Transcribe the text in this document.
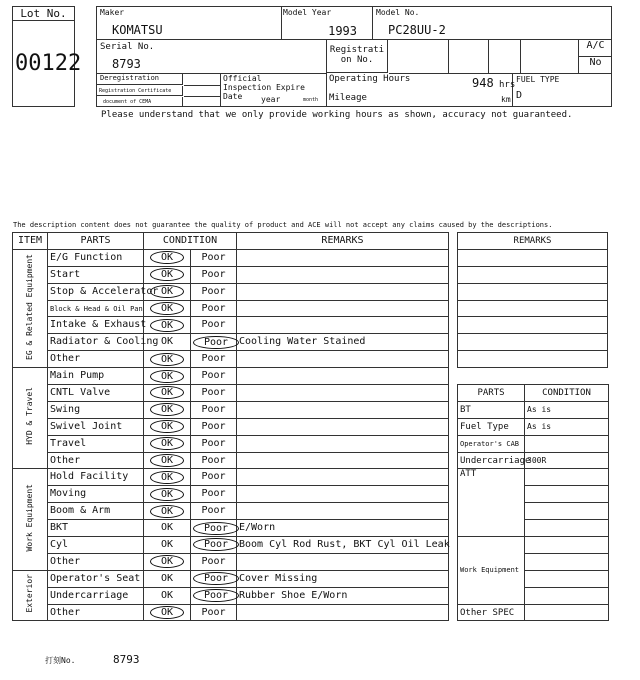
Lot No.
00122
Maker
KOMATSU
Model Year
1993
Model No.
PC28UU-2
Serial No.
8793
Registrati on No.
A/C
No
Deregistration
Registration Certificate
document of CEMA
Official Inspection Expire Date	year	month
Operating Hours	948 hrs
Mileage	km
FUEL TYPE
D
Please understand that we only provide working hours as shown, accuracy not guaranteed.
The description content does not guarantee the quality of product and ACE will not accept any claims caused by the descriptions.
ITEM	PARTS	CONDITION		REMARKS
EG & Related Equipment	E/G Function	OK	Poor	
	Start	OK	Poor	
	Stop & Accelerator	OK	Poor	
	Block & Head & Oil Pan	OK	Poor	
	Intake & Exhaust	OK	Poor	
	Radiator & Cooling	OK	Poor	Cooling Water Stained
	Other	OK	Poor	
HYD & Travel	Main Pump	OK	Poor	
	CNTL Valve	OK	Poor	
	Swing	OK	Poor	
	Swivel Joint	OK	Poor	
	Travel	OK	Poor	
	Other	OK	Poor	
Work Equipment	Hold Facility	OK	Poor	
	Moving	OK	Poor	
	Boom & Arm	OK	Poor	
	BKT	OK	Poor	E/Worn
	Cyl	OK	Poor	Boom Cyl Rod Rust, BKT Cyl Oil Leak
	Other	OK	Poor	
Exterior	Operator's Seat	OK	Poor	Cover Missing
	Undercarriage	OK	Poor	Rubber Shoe E/Worn
	Other	OK	Poor	
REMARKS

PARTS	CONDITION
BT	As is
Fuel Type	As is
Operator's CAB	
Undercarriage	300R
ATT	

Work Equipment	

Other SPEC	
打刻No.	8793
